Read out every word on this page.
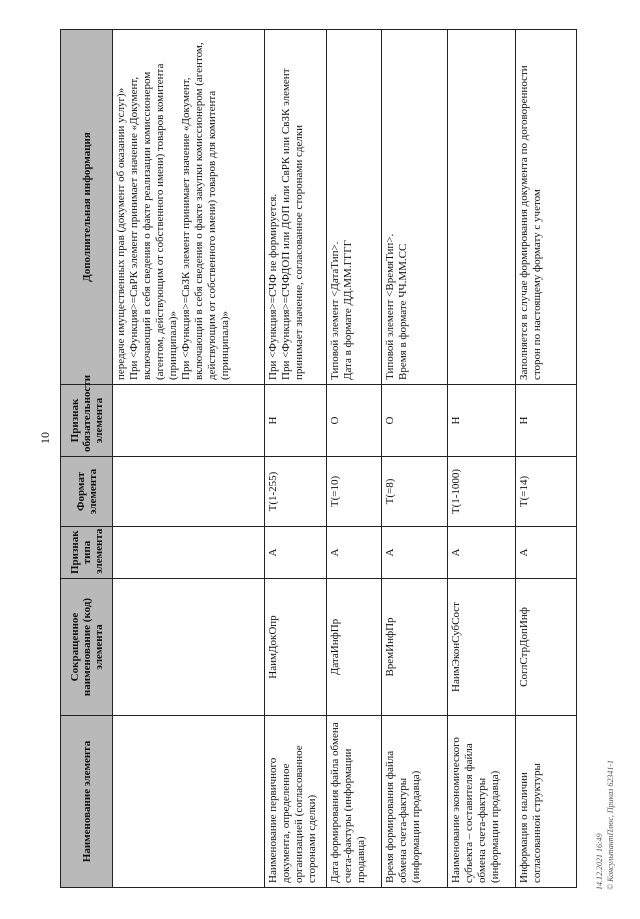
10
14.12.2021 16:49 © КонсультантПлюс, Приказ 62341-1
Наименование элемента	Сокращенное наименование (код) элемента	Признак типа элемента	Формат элемента	Признак обязательности элемента	Дополнительная информация
					передаче имущественных прав (документ об оказании услуг)»
При <Функция>=СвРК элемент принимает значение «Документ, включающий в себя сведения о факте реализации комиссионером (агентом, действующим от собственного имени) товаров комитента (принципала)»
При <Функция>=СвЗК элемент принимает значение «Документ, включающий в себя сведения о факте закупки комиссионером (агентом, действующим от собственного имени) товаров для комитента (принципала)»
Наименование первичного документа, определенное организацией (согласованное сторонами сделки)	НаимДокОпр	А	Т(1-255)	Н	При <Функция>=СЧФ не формируется.
При <Функция>=СЧФДОП или ДОП или СвРК или СвЗК элемент принимает значение, согласованное сторонами сделки
Дата формирования файла обмена счета-фактуры (информации продавца)	ДатаИнфПр	А	Т(=10)	О	Типовой элемент <ДатаТип>.
Дата в формате ДД.ММ.ГГГГ
Время формирования файла обмена счета-фактуры (информации продавца)	ВремИнфПр	А	Т(=8)	О	Типовой элемент <ВремяТип>.
Время в формате ЧЧ.ММ.СС
Наименование экономического субъекта – составителя файла обмена счета-фактуры (информации продавца)	НаимЭконСубСост	А	Т(1-1000)	Н	
Информация о наличии согласованной структуры	СоглСтрДопИнф	А	Т(=14)	Н	Заполняется в случае формирования документа по договоренности сторон по настоящему формату с учетом
